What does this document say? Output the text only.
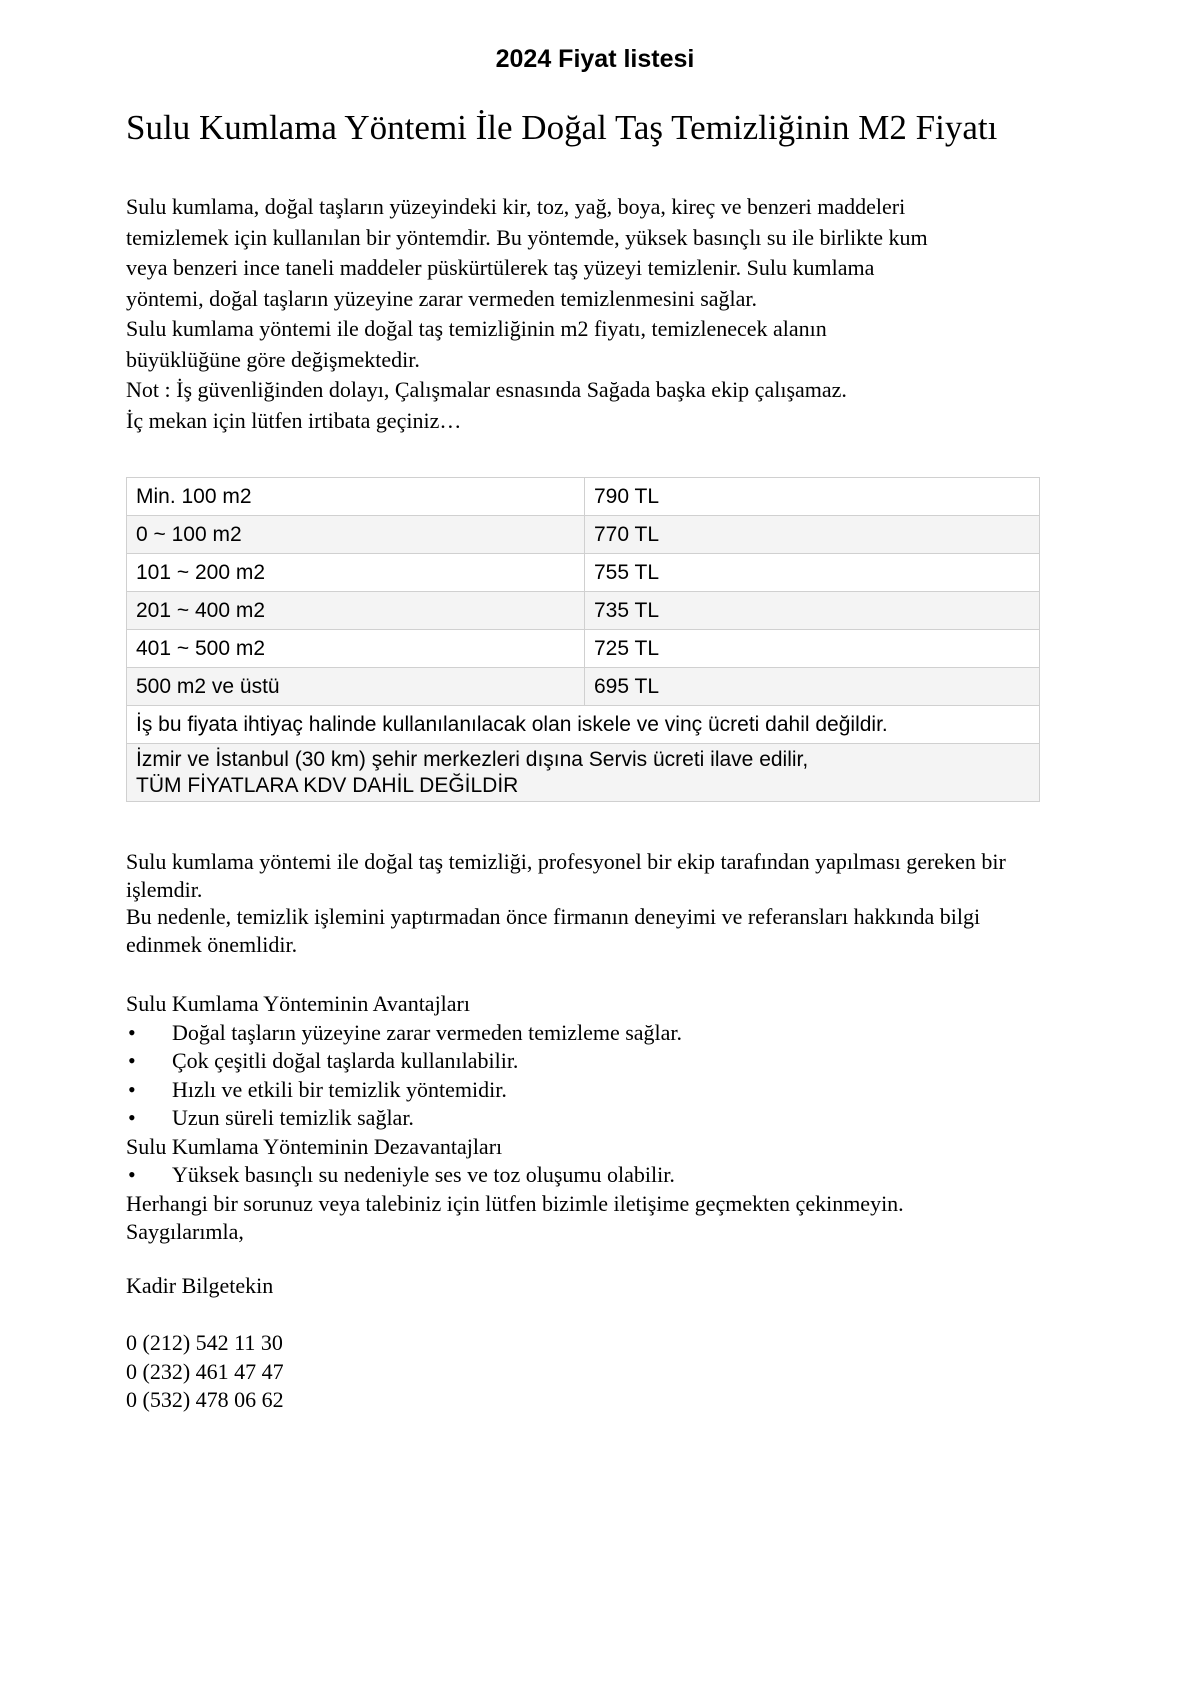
2024 Fiyat listesi
Sulu Kumlama Yöntemi İle Doğal Taş Temizliğinin M2 Fiyatı

Sulu kumlama, doğal taşların yüzeyindeki kir, toz, yağ, boya, kireç ve benzeri maddeleri

temizlemek için kullanılan bir yöntemdir. Bu yöntemde, yüksek basınçlı su ile birlikte kum

veya benzeri ince taneli maddeler püskürtülerek taş yüzeyi temizlenir. Sulu kumlama

yöntemi, doğal taşların yüzeyine zarar vermeden temizlenmesini sağlar.

Sulu kumlama yöntemi ile doğal taş temizliğinin m2 fiyatı, temizlenecek alanın

büyüklüğüne göre değişmektedir.

Not : İş güvenliğinden dolayı, Çalışmalar esnasında Sağada başka ekip çalışamaz.

İç mekan için lütfen irtibata geçiniz…

Min. 100 m2	790 TL
0 ~ 100 m2	770 TL
101 ~ 200 m2	755 TL
201 ~ 400 m2	735 TL
401 ~ 500 m2	725 TL
500 m2 ve üstü	695 TL
İş bu fiyata ihtiyaç halinde kullanılanılacak olan iskele ve vinç ücreti dahil değildir.	

İzmir ve İstanbul (30 km) şehir merkezleri dışına Servis ücreti ilave edilir,
TÜM FİYATLARA KDV DAHİL DEĞİLDİR	

Sulu kumlama yöntemi ile doğal taş temizliği, profesyonel bir ekip tarafından yapılması gereken bir

işlemdir.

Bu nedenle, temizlik işlemini yaptırmadan önce firmanın deneyimi ve referansları hakkında bilgi

edinmek önemlidir.

Sulu Kumlama Yönteminin Avantajları

•	Doğal taşların yüzeyine zarar vermeden temizleme sağlar.
•	Çok çeşitli doğal taşlarda kullanılabilir.
•	Hızlı ve etkili bir temizlik yöntemidir.
•	Uzun süreli temizlik sağlar.

Sulu Kumlama Yönteminin Dezavantajları

•	Yüksek basınçlı su nedeniyle ses ve toz oluşumu olabilir.

Herhangi bir sorunuz veya talebiniz için lütfen bizimle iletişime geçmekten çekinmeyin.

Saygılarımla,

Kadir Bilgetekin

0 (212) 542 11 30

0 (232) 461 47 47

0 (532) 478 06 62
